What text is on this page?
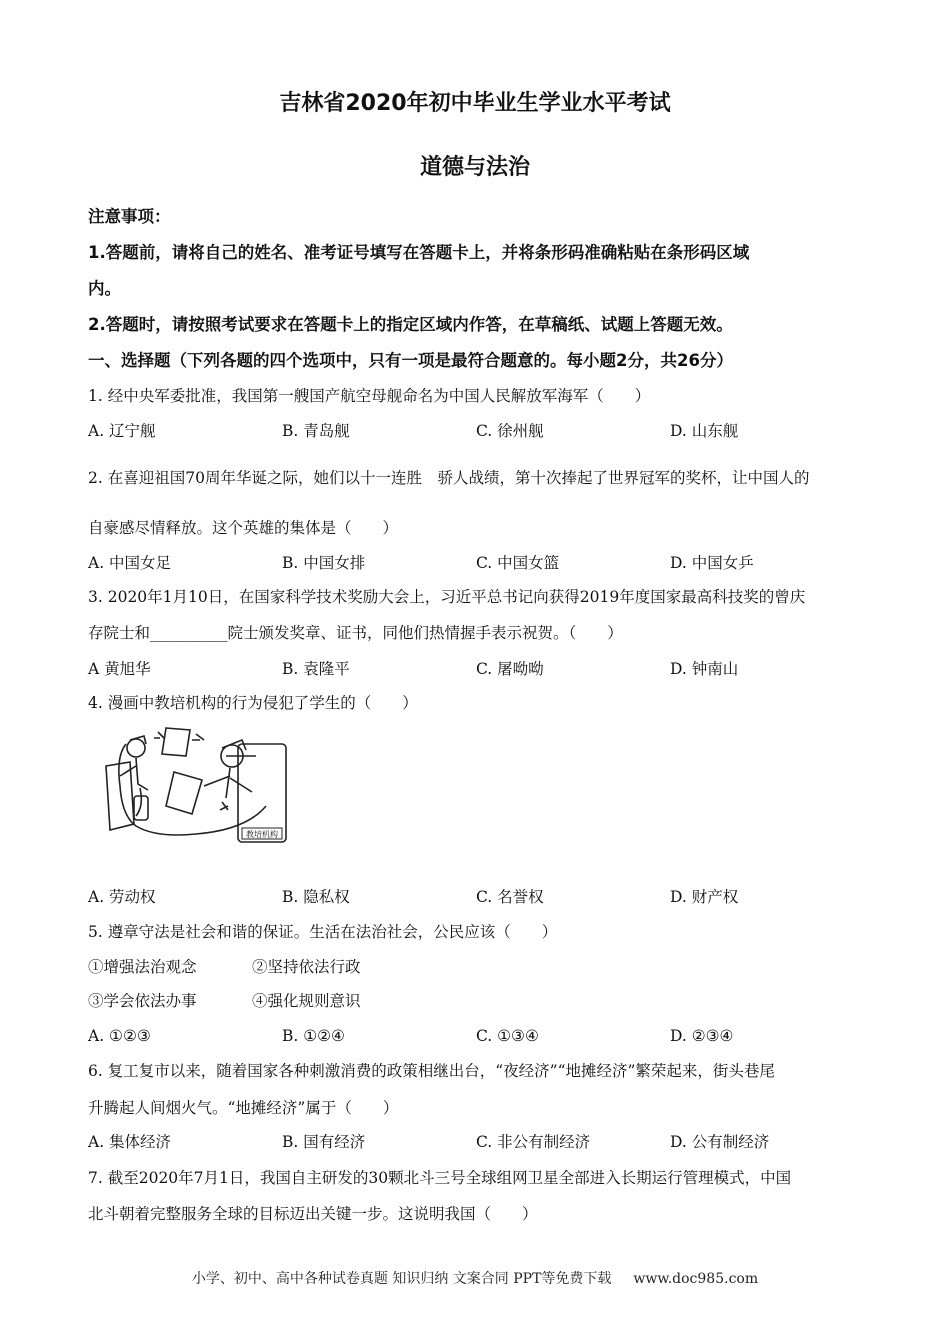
吉林省2020年初中毕业生学业水平考试
道德与法治
注意事项：
1.答题前，请将自己的姓名、准考证号填写在答题卡上，并将条形码准确粘贴在条形码区域
内。
2.答题时，请按照考试要求在答题卡上的指定区域内作答，在草稿纸、试题上答题无效。
一、选择题（下列各题的四个选项中，只有一项是最符合题意的。每小题2分，共26分）
1. 经中央军委批准，我国第一艘国产航空母舰命名为中国人民解放军海军（　　）
A. 辽宁舰	B. 青岛舰	C. 徐州舰	D. 山东舰
2. 在喜迎祖国70周年华诞之际，她们以十一连胜　骄人战绩，第十次捧起了世界冠军的奖杯，让中国人的
自豪感尽情释放。这个英雄的集体是（　　）
A. 中国女足	B. 中国女排	C. 中国女篮	D. 中国女乒
3. 2020年1月10日，在国家科学技术奖励大会上，习近平总书记向获得2019年度国家最高科技奖的曾庆
存院士和__________院士颁发奖章、证书，同他们热情握手表示祝贺。（　　）
A 黄旭华	B. 袁隆平	C. 屠呦呦	D. 钟南山
4. 漫画中教培机构的行为侵犯了学生的（　　）
教培机构
A. 劳动权	B. 隐私权	C. 名誉权	D. 财产权
5. 遵章守法是社会和谐的保证。生活在法治社会，公民应该（　　）
①增强法治观念	②坚持依法行政
③学会依法办事	④强化规则意识
A. ①②③	B. ①②④	C. ①③④	D. ②③④
6. 复工复市以来，随着国家各种刺激消费的政策相继出台，“夜经济”“地摊经济”繁荣起来，街头巷尾
升腾起人间烟火气。“地摊经济”属于（　　）
A. 集体经济	B. 国有经济	C. 非公有制经济	D. 公有制经济
7. 截至2020年7月1日，我国自主研发的30颗北斗三号全球组网卫星全部进入长期运行管理模式，中国
北斗朝着完整服务全球的目标迈出关键一步。这说明我国（　　）
小学、初中、高中各种试卷真题 知识归纳 文案合同 PPT等免费下载 www.doc985.com
